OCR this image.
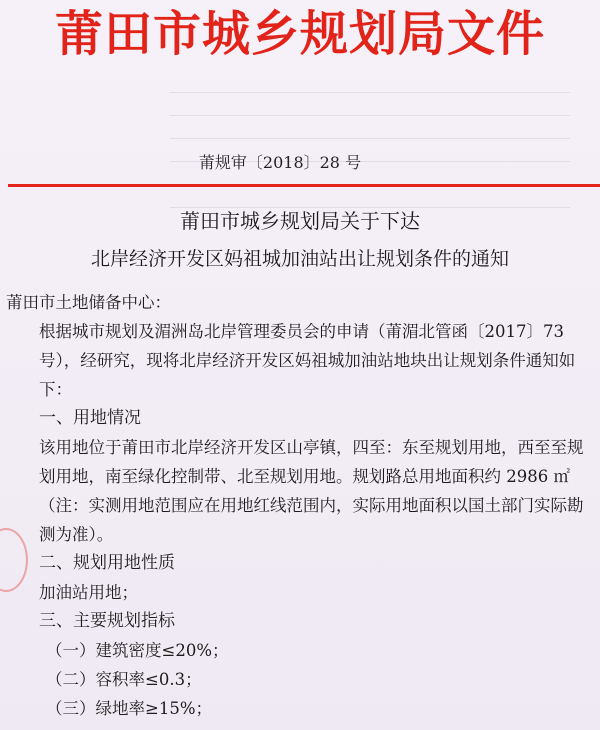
莆田市城乡规划局文件
莆规审〔2018〕28 号
莆田市城乡规划局关于下达
北岸经济开发区妈祖城加油站出让规划条件的通知

莆田市土地储备中心：

根据城市规划及湄洲岛北岸管理委员会的申请（莆湄北管函〔2017〕73 号），经研究，现将北岸经济开发区妈祖城加油站地块出让规划条件通知如下：

一、用地情况

该用地位于莆田市北岸经济开发区山亭镇，四至：东至规划用地，西至至规划用地，南至绿化控制带、北至规划用地。规划路总用地面积约 2986 ㎡（注：实测用地范围应在用地红线范围内，实际用地面积以国土部门实际勘测为准）。

二、规划用地性质

加油站用地；

三、主要规划指标

（一）建筑密度≤20%；

（二）容积率≤0.3；

（三）绿地率≥15%；
